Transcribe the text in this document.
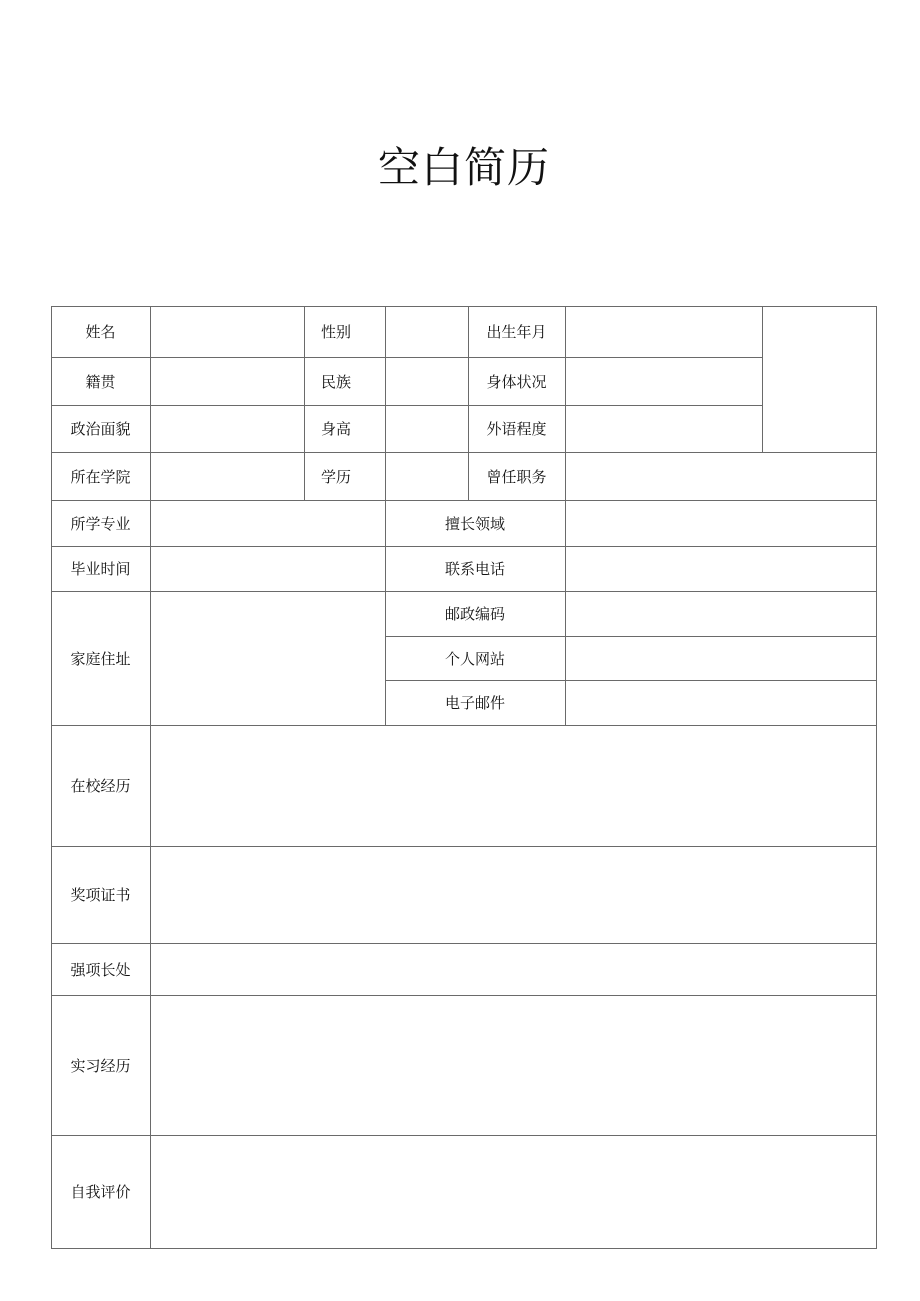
空白简历
姓名	性别	出生年月
籍贯	民族	身体状况
政治面貌	身高	外语程度
所在学院	学历	曾任职务
所学专业	擅长领域
毕业时间	联系电话
家庭住址
邮政编码
个人网站
电子邮件
在校经历
奖项证书
强项长处
实习经历
自我评价
